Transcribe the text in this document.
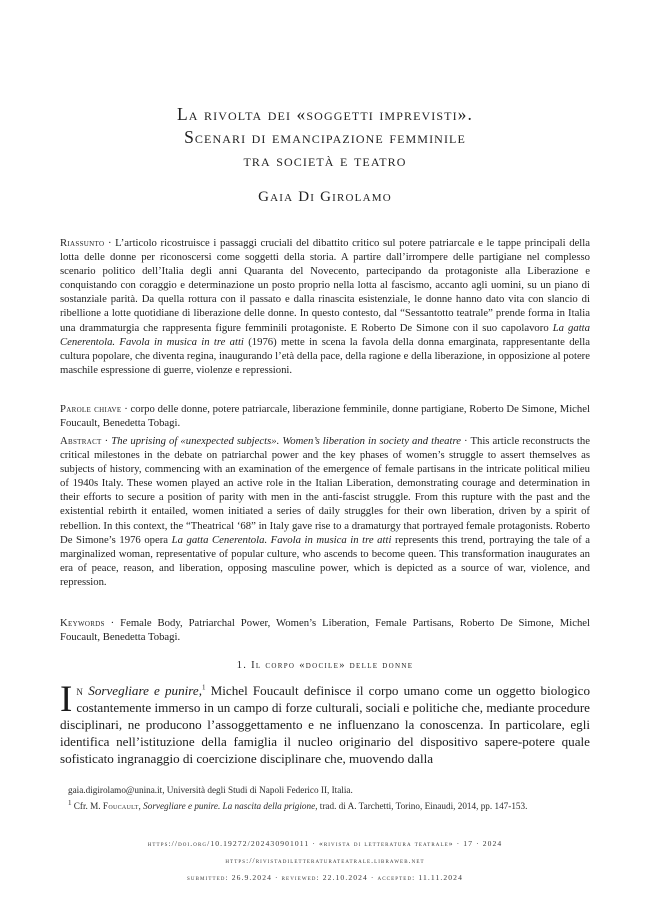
La rivolta dei «soggetti imprevisti».
Scenari di emancipazione femminile
tra società e teatro
Gaia Di Girolamo

Riassunto · L’articolo ricostruisce i passaggi cruciali del dibattito critico sul potere patriarcale e le tappe principali della lotta delle donne per riconoscersi come soggetti della storia. A partire dall’irrompere delle partigiane nel complesso scenario politico dell’Italia degli anni Quaranta del Novecento, partecipando da protagoniste alla Liberazione e conquistando con coraggio e determinazione un posto proprio nella lotta al fascismo, accanto agli uomini, su un piano di sostanziale parità. Da quella rottura con il passato e dalla rinascita esistenziale, le donne hanno dato vita con slancio di ribellione a lotte quotidiane di liberazione delle donne. In questo contesto, dal “Sessantotto teatrale” prende forma in Italia una drammaturgia che rappresenta figure femminili protagoniste. E Roberto De Simone con il suo capolavoro La gatta Cenerentola. Favola in musica in tre atti (1976) mette in scena la favola della donna emarginata, rappresentante della cultura popolare, che diventa regina, inaugurando l’età della pace, della ragione e della liberazione, in opposizione al potere maschile espressione di guerre, violenze e repressioni.

Parole chiave · corpo delle donne, potere patriarcale, liberazione femminile, donne partigiane, Roberto De Simone, Michel Foucault, Benedetta Tobagi.

Abstract · The uprising of «unexpected subjects». Women’s liberation in society and theatre · This article reconstructs the critical milestones in the debate on patriarchal power and the key phases of women’s struggle to assert themselves as subjects of history, commencing with an examination of the emergence of female partisans in the intricate political milieu of 1940s Italy. These women played an active role in the Italian Liberation, demonstrating courage and determination in their efforts to secure a position of parity with men in the anti-fascist struggle. From this rupture with the past and the existential rebirth it entailed, women initiated a series of daily struggles for their own liberation, driven by a spirit of rebellion. In this context, the “Theatrical ‘68” in Italy gave rise to a dramaturgy that portrayed female protagonists. Roberto De Simone’s 1976 opera La gatta Cenerentola. Favola in musica in tre atti represents this trend, portraying the tale of a marginalized woman, representative of popular culture, who ascends to become queen. This transformation inaugurates an era of peace, reason, and liberation, opposing masculine power, which is depicted as a source of war, violence, and repression.

Keywords · Female Body, Patriarchal Power, Women’s Liberation, Female Partisans, Roberto De Simone, Michel Foucault, Benedetta Tobagi.

1. Il corpo «docile» delle donne

In Sorvegliare e punire,$^1$ Michel Foucault definisce il corpo umano come un oggetto biologico costantemente immerso in un campo di forze culturali, sociali e politiche che, mediante procedure disciplinari, ne producono l’assoggettamento e ne influenzano la conoscenza. In particolare, egli identifica nell’istituzione della famiglia il nucleo originario del dispositivo sapere-potere quale sofisticato ingranaggio di coercizione disciplinare che, muovendo dalla

gaia.digirolamo@unina.it, Università degli Studi di Napoli Federico II, Italia.

$^1$ Cfr. M. Foucault, Sorvegliare e punire. La nascita della prigione, trad. di A. Tarchetti, Torino, Einaudi, 2014, pp. 147-153.

https://doi.org/10.19272/202430901011 · «rivista di letteratura teatrale» · 17 · 2024
https://rivistadiletteraturateatrale.libraweb.net
submitted: 26.9.2024 · reviewed: 22.10.2024 · accepted: 11.11.2024
